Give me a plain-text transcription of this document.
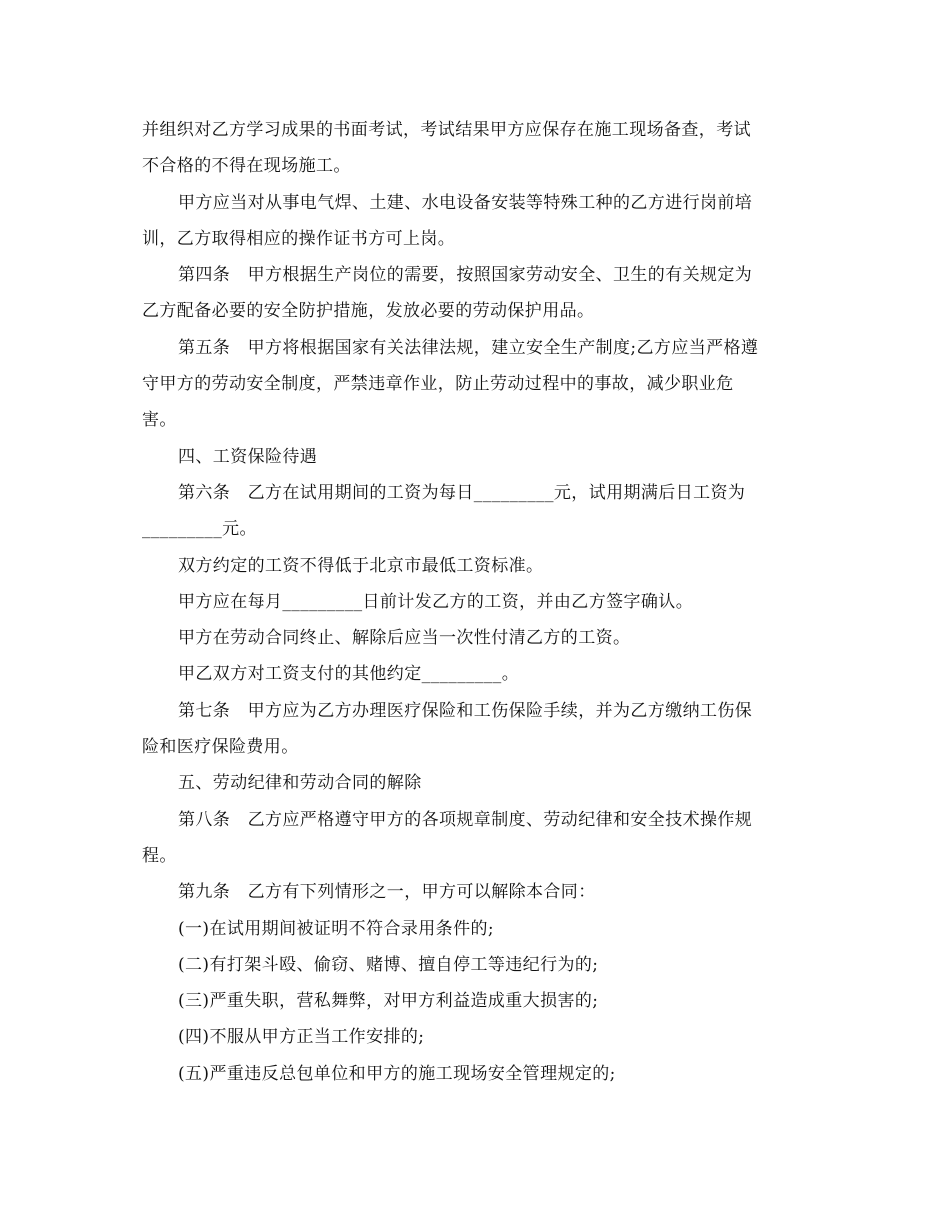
并组织对乙方学习成果的书面考试，考试结果甲方应保存在施工现场备查，考试
不合格的不得在现场施工。
甲方应当对从事电气焊、土建、水电设备安装等特殊工种的乙方进行岗前培
训，乙方取得相应的操作证书方可上岗。
第四条　甲方根据生产岗位的需要，按照国家劳动安全、卫生的有关规定为
乙方配备必要的安全防护措施，发放必要的劳动保护用品。
第五条　甲方将根据国家有关法律法规，建立安全生产制度;乙方应当严格遵
守甲方的劳动安全制度，严禁违章作业，防止劳动过程中的事故，减少职业危
害。
四、工资保险待遇
第六条　乙方在试用期间的工资为每日_________元，试用期满后日工资为
_________元。
双方约定的工资不得低于北京市最低工资标准。
甲方应在每月_________日前计发乙方的工资，并由乙方签字确认。
甲方在劳动合同终止、解除后应当一次性付清乙方的工资。
甲乙双方对工资支付的其他约定_________。
第七条　甲方应为乙方办理医疗保险和工伤保险手续，并为乙方缴纳工伤保
险和医疗保险费用。
五、劳动纪律和劳动合同的解除
第八条　乙方应严格遵守甲方的各项规章制度、劳动纪律和安全技术操作规
程。
第九条　乙方有下列情形之一，甲方可以解除本合同：
(一)在试用期间被证明不符合录用条件的;
(二)有打架斗殴、偷窃、赌博、擅自停工等违纪行为的;
(三)严重失职，营私舞弊，对甲方利益造成重大损害的;
(四)不服从甲方正当工作安排的;
(五)严重违反总包单位和甲方的施工现场安全管理规定的;
